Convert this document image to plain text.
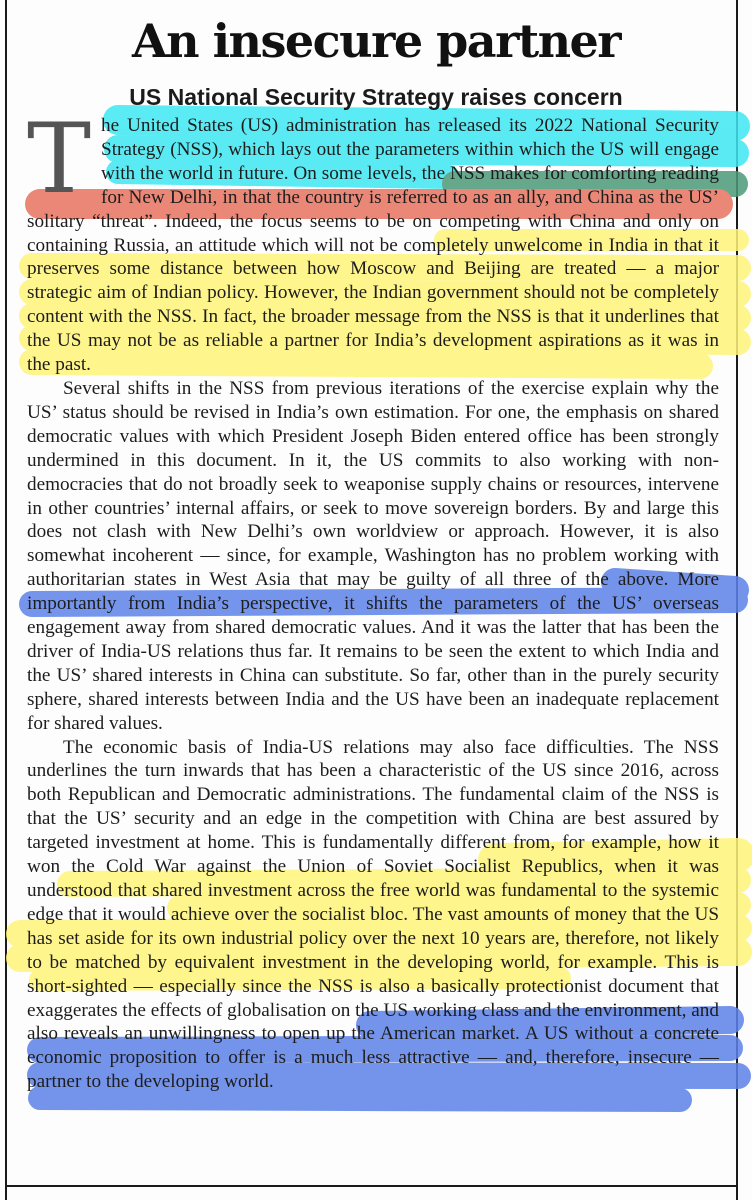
An insecure partner
US National Security Strategy raises concern

The United States (US) administration has released its 2022 National Security Strategy (NSS), which lays out the parameters within which the US will engage with the world in future. On some levels, the NSS makes for comforting reading for New Delhi, in that the country is referred to as an ally, and China as the US’ solitary “threat”. Indeed, the focus seems to be on competing with China and only on containing Russia, an attitude which will not be completely unwelcome in India in that it preserves some distance between how Moscow and Beijing are treated — a major strategic aim of Indian policy. However, the Indian government should not be completely content with the NSS. In fact, the broader message from the NSS is that it underlines that the US may not be as reliable a partner for India’s development aspirations as it was in the past.

Several shifts in the NSS from previous iterations of the exercise explain why the US’ status should be revised in India’s own estimation. For one, the emphasis on shared democratic values with which President Joseph Biden entered office has been strongly undermined in this document. In it, the US commits to also working with non-democracies that do not broadly seek to weaponise supply chains or resources, intervene in other countries’ internal affairs, or seek to move sovereign borders. By and large this does not clash with New Delhi’s own worldview or approach. However, it is also somewhat incoherent — since, for example, Washington has no problem working with authoritarian states in West Asia that may be guilty of all three of the above. More importantly from India’s perspective, it shifts the parameters of the US’ overseas engagement away from shared democratic values. And it was the latter that has been the driver of India-US relations thus far. It remains to be seen the extent to which India and the US’ shared interests in China can substitute. So far, other than in the purely security sphere, shared interests between India and the US have been an inadequate replacement for shared values.

The economic basis of India-US relations may also face difficulties. The NSS underlines the turn inwards that has been a characteristic of the US since 2016, across both Republican and Democratic administrations. The fundamental claim of the NSS is that the US’ security and an edge in the competition with China are best assured by targeted investment at home. This is fundamentally different from, for example, how it won the Cold War against the Union of Soviet Socialist Republics, when it was understood that shared investment across the free world was fundamental to the systemic edge that it would achieve over the socialist bloc. The vast amounts of money that the US has set aside for its own industrial policy over the next 10 years are, therefore, not likely to be matched by equivalent investment in the developing world, for example. This is short-sighted — especially since the NSS is also a basically protectionist document that exaggerates the effects of globalisation on the US working class and the environment, and also reveals an unwillingness to open up the American market. A US without a concrete economic proposition to offer is a much less attractive — and, therefore, insecure — partner to the developing world.
